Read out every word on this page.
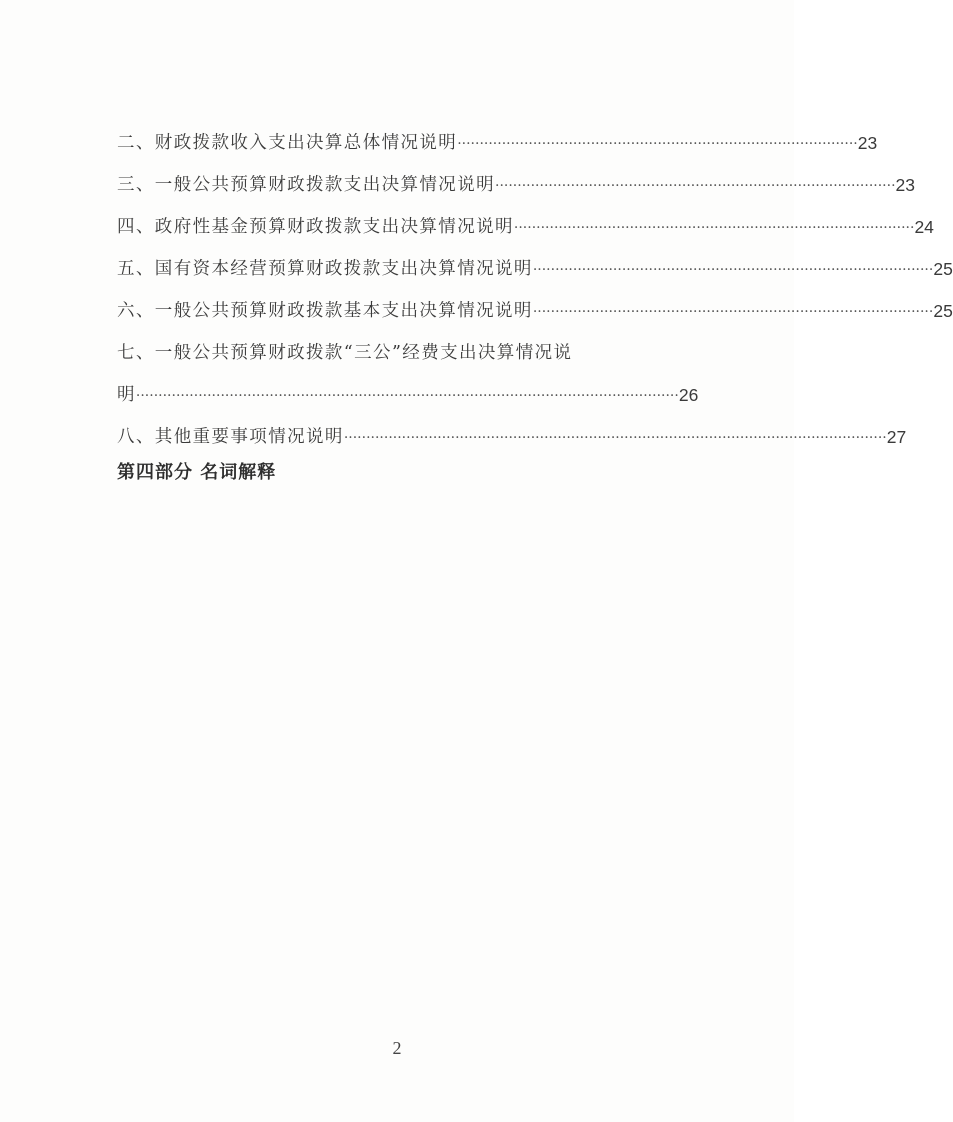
二、财政拨款收入支出决算总体情况说明 ·························································································· 23
三、一般公共预算财政拨款支出决算情况说明 ·························································································· 23
四、政府性基金预算财政拨款支出决算情况说明 ·························································································· 24
五、国有资本经营预算财政拨款支出决算情况说明 ·························································································· 25
六、一般公共预算财政拨款基本支出决算情况说明 ·························································································· 25
七、一般公共预算财政拨款“三公”经费支出决算情况说
明 ·························································································································· 26
八、其他重要事项情况说明 ·························································································································· 27
第四部分 名词解释
2
